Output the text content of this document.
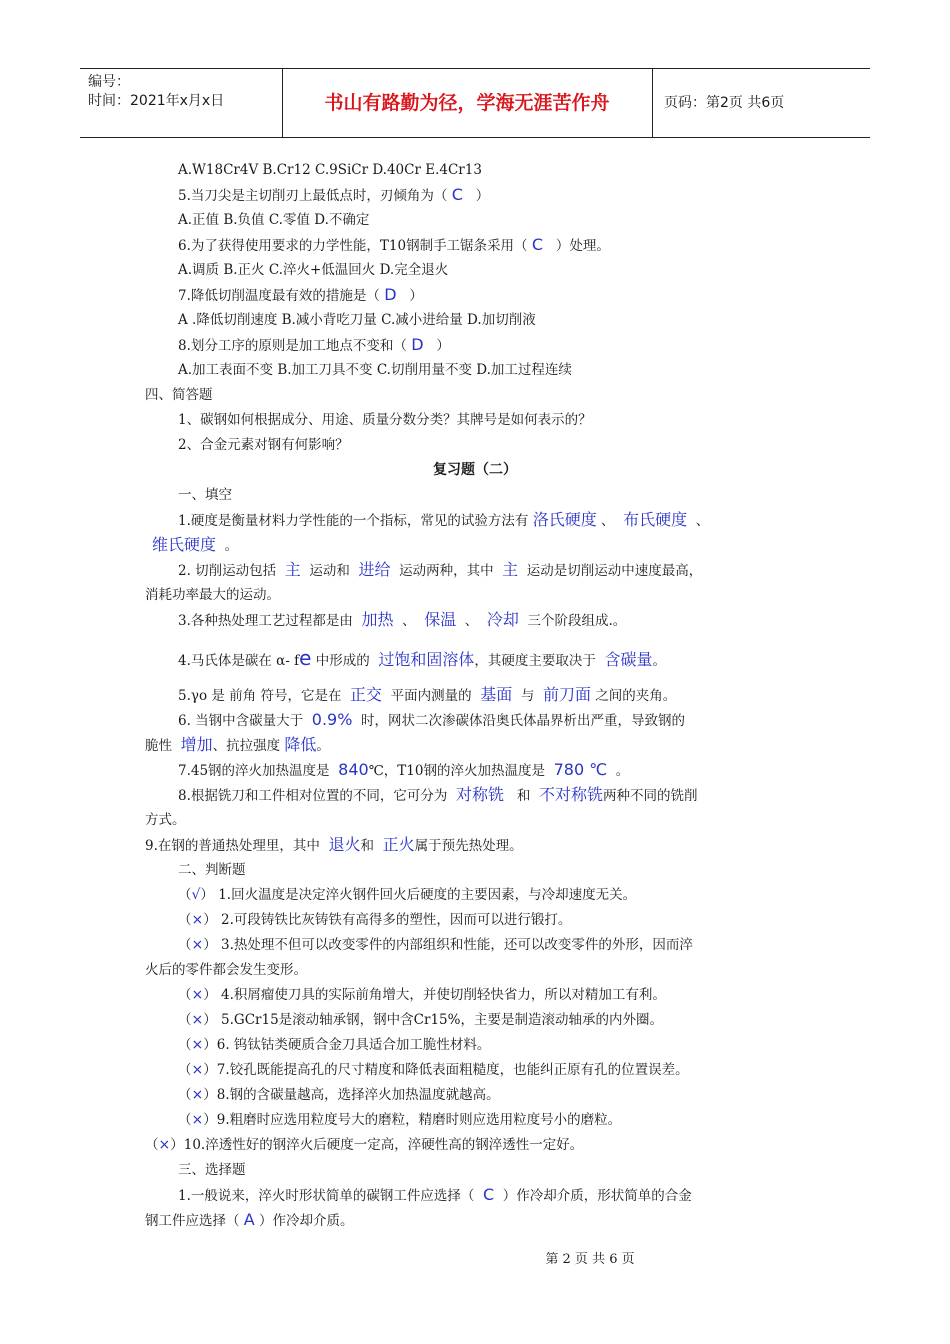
编号：
时间：2021年x月x日	书山有路勤为径，学海无涯苦作舟	页码：第2页 共6页
A.W18Cr4V B.Cr12 C.9SiCr D.40Cr E.4Cr13
5.当刀尖是主切削刃上最低点时，刃倾角为（ C ）
A.正值 B.负值 C.零值 D.不确定
6.为了获得使用要求的力学性能，T10钢制手工锯条采用（ C ）处理。
A.调质 B.正火 C.淬火+低温回火 D.完全退火
7.降低切削温度最有效的措施是（ D ）
A .降低切削速度 B.减小背吃刀量 C.减小进给量 D.加切削液
8.划分工序的原则是加工地点不变和（ D ）
A.加工表面不变 B.加工刀具不变 C.切削用量不变 D.加工过程连续
四、简答题
1、碳钢如何根据成分、用途、质量分数分类？其牌号是如何表示的？
2、合金元素对钢有何影响？
复习题（二）
一、填空
1.硬度是衡量材料力学性能的一个指标，常见的试验方法有 洛氏硬度 、 布氏硬度 、
维氏硬度 。
2. 切削运动包括 主 运动和 进给 运动两种，其中 主 运动是切削运动中速度最高，
消耗功率最大的运动。
3.各种热处理工艺过程都是由 加热 、 保温 、 冷却 三个阶段组成.。
4.马氏体是碳在 α- fe 中形成的 过饱和固溶体，其硬度主要取决于 含碳量。
5.γo 是 前角 符号，它是在 正交 平面内测量的 基面 与 前刀面 之间的夹角。
6. 当钢中含碳量大于 0.9% 时，网状二次渗碳体沿奥氏体晶界析出严重，导致钢的
脆性 增加、抗拉强度 降低。
7.45钢的淬火加热温度是 840℃，T10钢的淬火加热温度是 780 ℃ 。
8.根据铣刀和工件相对位置的不同，它可分为 对称铣 和 不对称铣两种不同的铣削
方式。
9.在钢的普通热处理里，其中 退火和 正火属于预先热处理。
二、判断题
（√） 1.回火温度是决定淬火钢件回火后硬度的主要因素，与冷却速度无关。
（×） 2.可段铸铁比灰铸铁有高得多的塑性，因而可以进行锻打。
（×） 3.热处理不但可以改变零件的内部组织和性能，还可以改变零件的外形，因而淬
火后的零件都会发生变形。
（×） 4.积屑瘤使刀具的实际前角增大，并使切削轻快省力，所以对精加工有利。
（×） 5.GCr15是滚动轴承钢，钢中含Cr15%，主要是制造滚动轴承的内外圈。
（×）6. 钨钛钴类硬质合金刀具适合加工脆性材料。
（×）7.铰孔既能提高孔的尺寸精度和降低表面粗糙度，也能纠正原有孔的位置误差。
（×）8.钢的含碳量越高，选择淬火加热温度就越高。
（×）9.粗磨时应选用粒度号大的磨粒，精磨时则应选用粒度号小的磨粒。
（×）10.淬透性好的钢淬火后硬度一定高，淬硬性高的钢淬透性一定好。
三、选择题
1.一般说来，淬火时形状简单的碳钢工件应选择（ C ）作冷却介质，形状简单的合金
钢工件应选择（ A ）作冷却介质。
第 2 页 共 6 页
